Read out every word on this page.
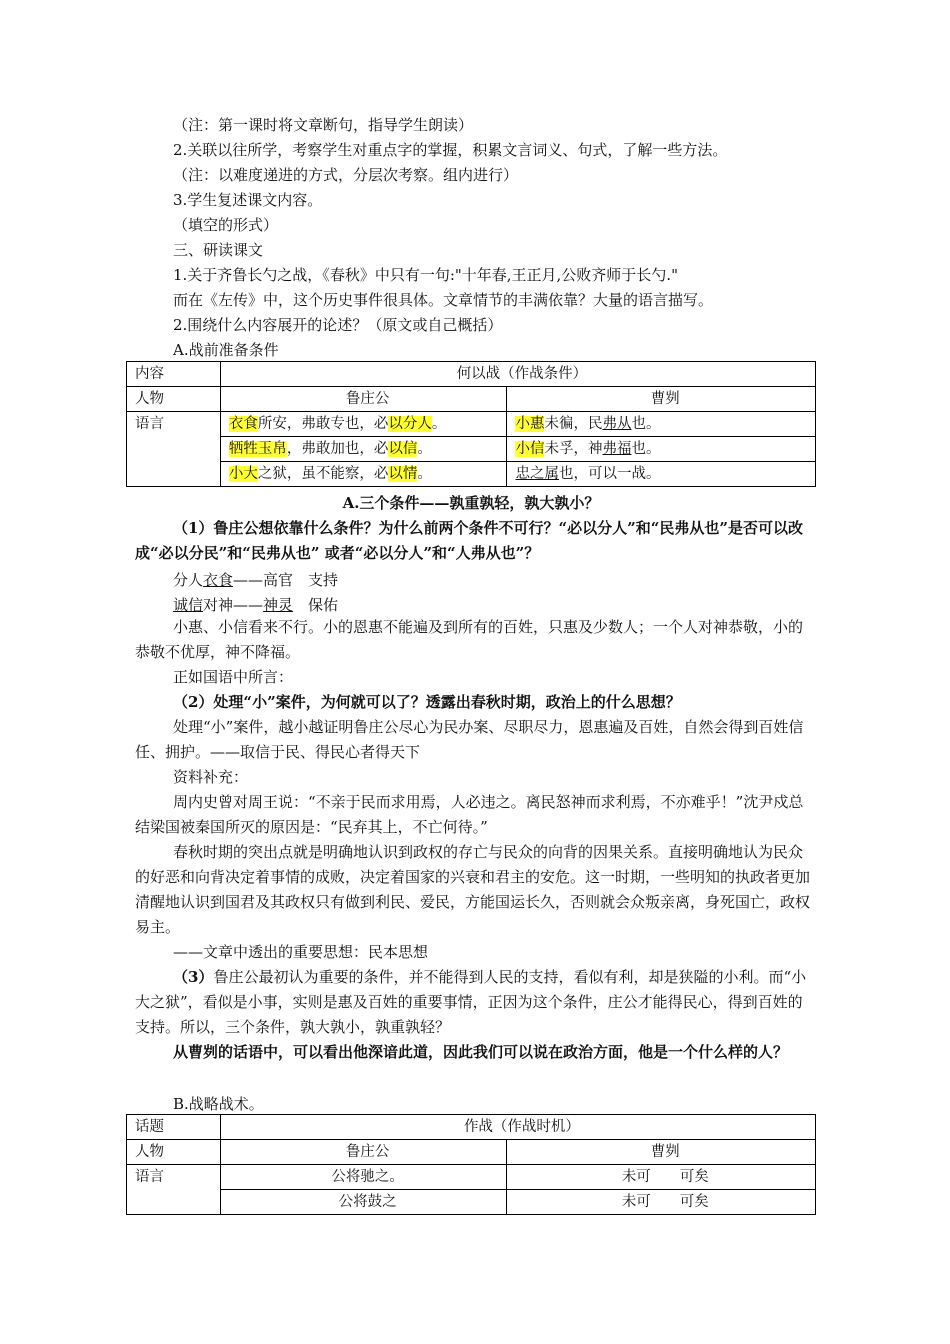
（注：第一课时将文章断句，指导学生朗读）
2.关联以往所学，考察学生对重点字的掌握，积累文言词义、句式，了解一些方法。
（注：以难度递进的方式，分层次考察。组内进行）
3.学生复述课文内容。
（填空的形式）
三、研读课文
1.关于齐鲁长勺之战，《春秋》中只有一句:"十年春,王正月,公败齐师于长勺."
而在《左传》中，这个历史事件很具体。文章情节的丰满依靠？大量的语言描写。
2.围绕什么内容展开的论述？（原文或自己概括）
A.战前准备条件
内容	何以战（作战条件）	
人物	鲁庄公	曹刿
语言	衣食所安，弗敢专也，必以分人。	小惠未徧，民弗从也。
	牺牲玉帛，弗敢加也，必以信。	小信未孚，神弗福也。
	小大之狱，虽不能察，必以情。	忠之属也，可以一战。
A.三个条件——孰重孰轻，孰大孰小？
（1）鲁庄公想依靠什么条件？为什么前两个条件不可行？“必以分人”和“民弗从也”是否可以改成“必以分民”和“民弗从也” 或者“必以分人”和“人弗从也”？
分人衣食——高官　支持
诚信对神——神灵　保佑
小惠、小信看来不行。小的恩惠不能遍及到所有的百姓，只惠及少数人；一个人对神恭敬，小的恭敬不优厚，神不降福。
正如国语中所言：
（2）处理“小”案件，为何就可以了？透露出春秋时期，政治上的什么思想？
处理“小”案件，越小越证明鲁庄公尽心为民办案、尽职尽力，恩惠遍及百姓，自然会得到百姓信任、拥护。——取信于民、得民心者得天下
资料补充：
周内史曾对周王说：“不亲于民而求用焉，人必违之。离民怒神而求利焉，不亦难乎！”沈尹戍总结梁国被秦国所灭的原因是：“民弃其上，不亡何待。”
春秋时期的突出点就是明确地认识到政权的存亡与民众的向背的因果关系。直接明确地认为民众的好恶和向背决定着事情的成败，决定着国家的兴衰和君主的安危。这一时期，一些明知的执政者更加清醒地认识到国君及其政权只有做到利民、爱民，方能国运长久，否则就会众叛亲离，身死国亡，政权易主。
——文章中透出的重要思想：民本思想
（3）鲁庄公最初认为重要的条件，并不能得到人民的支持，看似有利，却是狭隘的小利。而“小大之狱”，看似是小事，实则是惠及百姓的重要事情，正因为这个条件，庄公才能得民心，得到百姓的支持。所以，三个条件，孰大孰小，孰重孰轻？
从曹刿的话语中，可以看出他深谙此道，因此我们可以说在政治方面，他是一个什么样的人？
B.战略战术。
话题	作战（作战时机）	
人物	鲁庄公	曹刿
语言	公将驰之。	未可　　可矣
	公将鼓之	未可　　可矣
